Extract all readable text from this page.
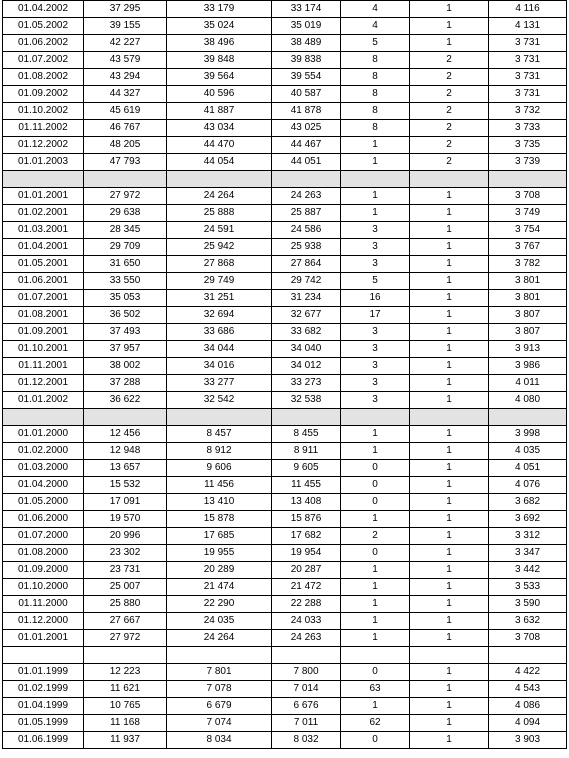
01.04.2002	37 295	33 179	33 174	4	1	4 116
01.05.2002	39 155	35 024	35 019	4	1	4 131
01.06.2002	42 227	38 496	38 489	5	1	3 731
01.07.2002	43 579	39 848	39 838	8	2	3 731
01.08.2002	43 294	39 564	39 554	8	2	3 731
01.09.2002	44 327	40 596	40 587	8	2	3 731
01.10.2002	45 619	41 887	41 878	8	2	3 732
01.11.2002	46 767	43 034	43 025	8	2	3 733
01.12.2002	48 205	44 470	44 467	1	2	3 735
01.01.2003	47 793	44 054	44 051	1	2	3 739

01.01.2001	27 972	24 264	24 263	1	1	3 708
01.02.2001	29 638	25 888	25 887	1	1	3 749
01.03.2001	28 345	24 591	24 586	3	1	3 754
01.04.2001	29 709	25 942	25 938	3	1	3 767
01.05.2001	31 650	27 868	27 864	3	1	3 782
01.06.2001	33 550	29 749	29 742	5	1	3 801
01.07.2001	35 053	31 251	31 234	16	1	3 801
01.08.2001	36 502	32 694	32 677	17	1	3 807
01.09.2001	37 493	33 686	33 682	3	1	3 807
01.10.2001	37 957	34 044	34 040	3	1	3 913
01.11.2001	38 002	34 016	34 012	3	1	3 986
01.12.2001	37 288	33 277	33 273	3	1	4 011
01.01.2002	36 622	32 542	32 538	3	1	4 080

01.01.2000	12 456	8 457	8 455	1	1	3 998
01.02.2000	12 948	8 912	8 911	1	1	4 035
01.03.2000	13 657	9 606	9 605	0	1	4 051
01.04.2000	15 532	11 456	11 455	0	1	4 076
01.05.2000	17 091	13 410	13 408	0	1	3 682
01.06.2000	19 570	15 878	15 876	1	1	3 692
01.07.2000	20 996	17 685	17 682	2	1	3 312
01.08.2000	23 302	19 955	19 954	0	1	3 347
01.09.2000	23 731	20 289	20 287	1	1	3 442
01.10.2000	25 007	21 474	21 472	1	1	3 533
01.11.2000	25 880	22 290	22 288	1	1	3 590
01.12.2000	27 667	24 035	24 033	1	1	3 632
01.01.2001	27 972	24 264	24 263	1	1	3 708

01.01.1999	12 223	7 801	7 800	0	1	4 422
01.02.1999	11 621	7 078	7 014	63	1	4 543
01.04.1999	10 765	6 679	6 676	1	1	4 086
01.05.1999	11 168	7 074	7 011	62	1	4 094
01.06.1999	11 937	8 034	8 032	0	1	3 903
